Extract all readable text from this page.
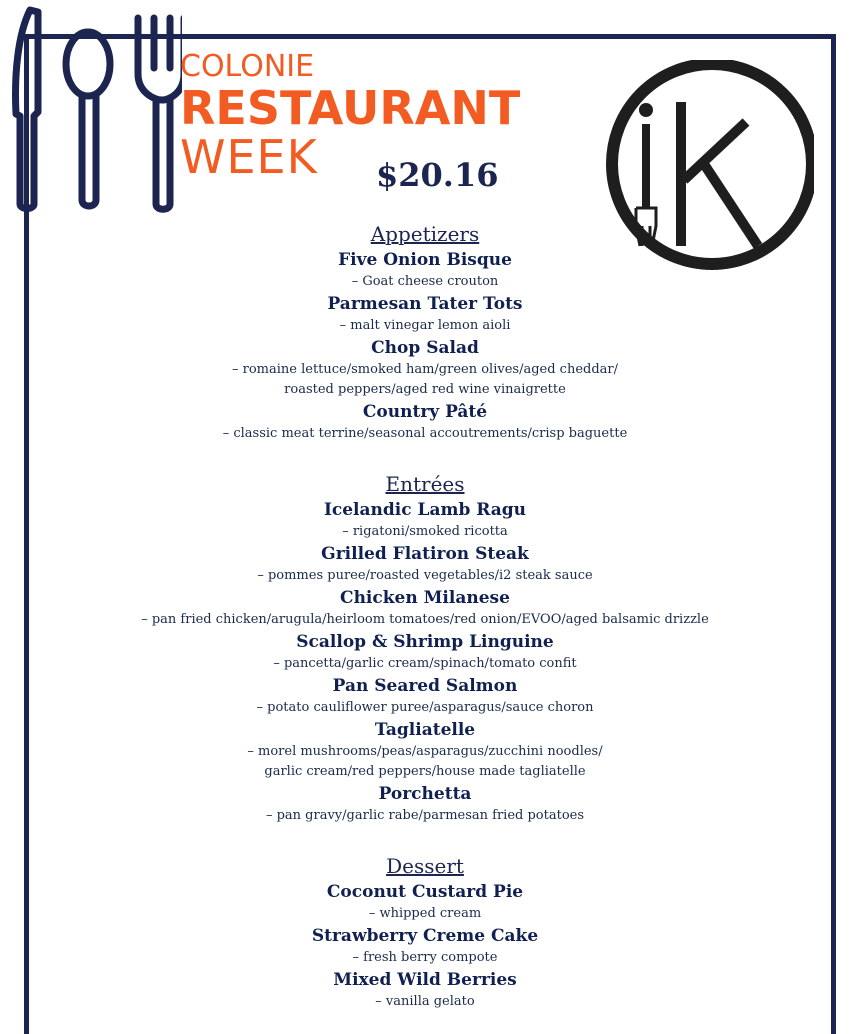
COLONIE
RESTAURANT
WEEK	$20.16
Appetizers
Five Onion Bisque
– Goat cheese crouton
Parmesan Tater Tots
– malt vinegar lemon aioli
Chop Salad
– romaine lettuce/smoked ham/green olives/aged cheddar/
roasted peppers/aged red wine vinaigrette
Country Pâté
– classic meat terrine/seasonal accoutrements/crisp baguette
Entrées
Icelandic Lamb Ragu
– rigatoni/smoked ricotta
Grilled Flatiron Steak
– pommes puree/roasted vegetables/i2 steak sauce
Chicken Milanese
– pan fried chicken/arugula/heirloom tomatoes/red onion/EVOO/aged balsamic drizzle
Scallop & Shrimp Linguine
– pancetta/garlic cream/spinach/tomato confit
Pan Seared Salmon
– potato cauliflower puree/asparagus/sauce choron
Tagliatelle
– morel mushrooms/peas/asparagus/zucchini noodles/
garlic cream/red peppers/house made tagliatelle
Porchetta
– pan gravy/garlic rabe/parmesan fried potatoes
Dessert
Coconut Custard Pie
– whipped cream
Strawberry Creme Cake
– fresh berry compote
Mixed Wild Berries
– vanilla gelato
